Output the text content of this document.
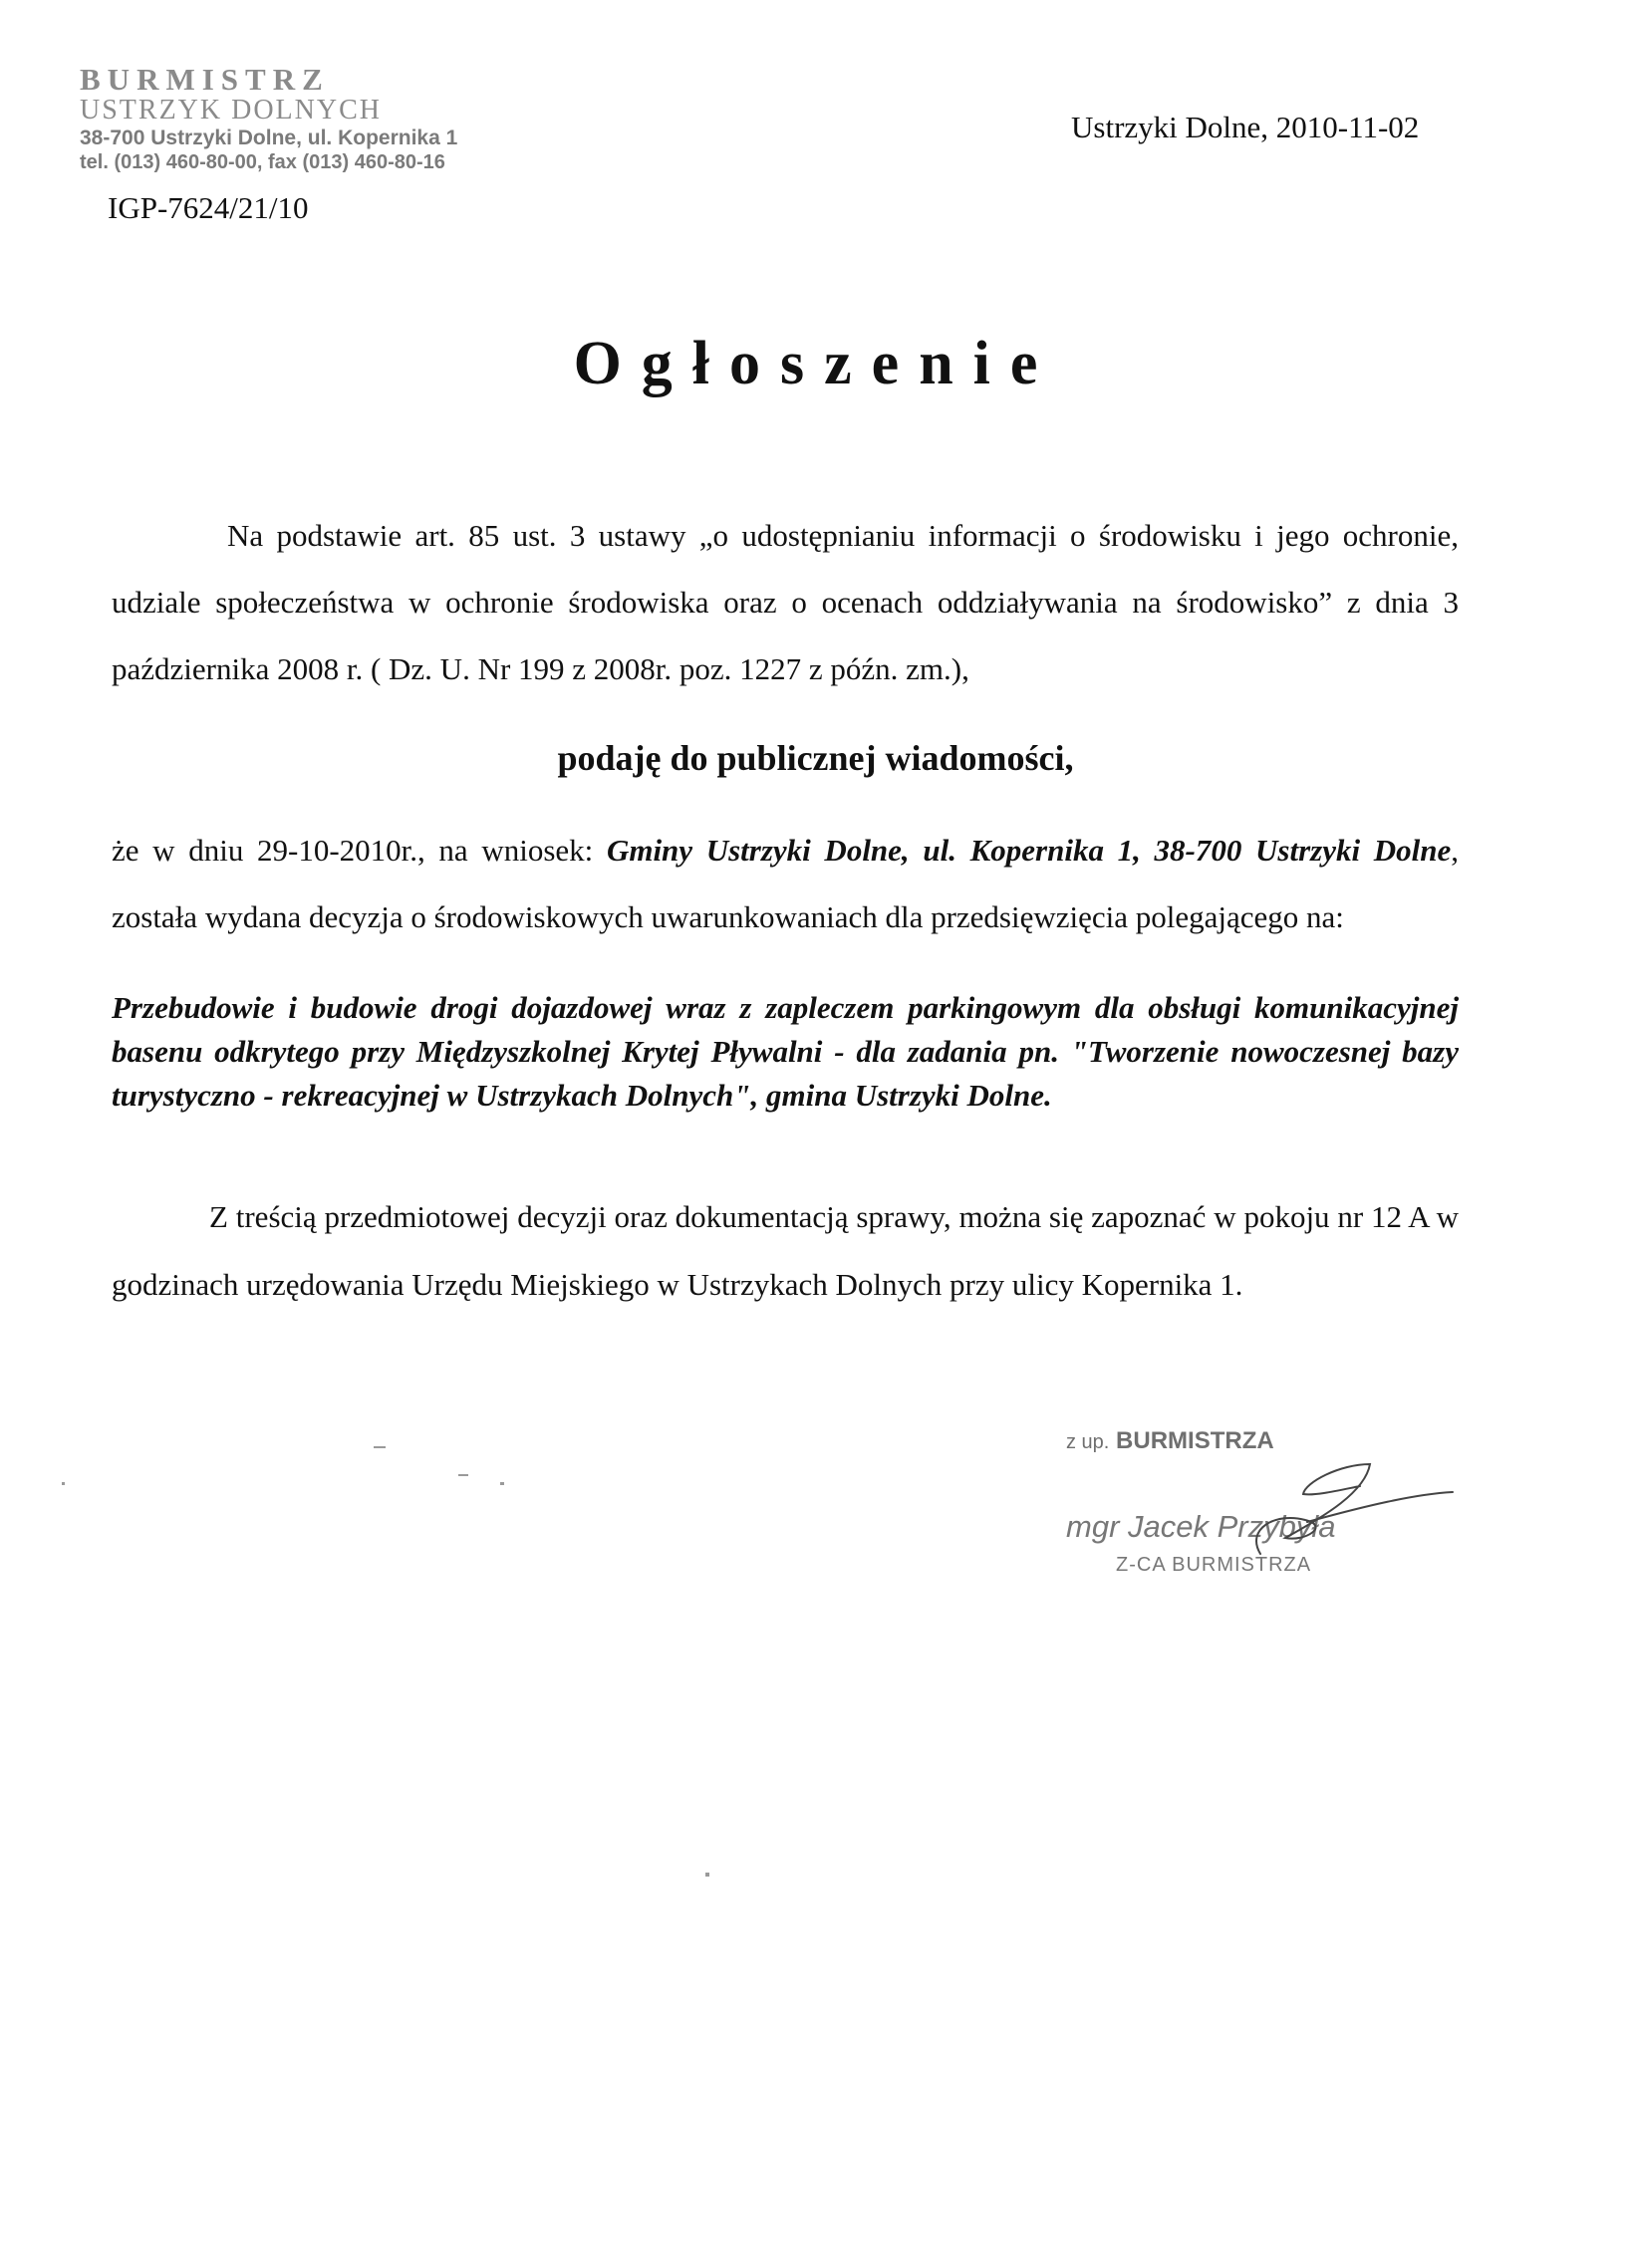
BURMISTRZ
USTRZYK DOLNYCH
38-700 Ustrzyki Dolne, ul. Kopernika 1
tel. (013) 460-80-00, fax (013) 460-80-16
IGP-7624/21/10
Ustrzyki Dolne, 2010-11-02
Ogłoszenie
Na podstawie art. 85 ust. 3 ustawy „o udostępnianiu informacji o środowisku i jego ochronie, udziale społeczeństwa w ochronie środowiska oraz o ocenach oddziaływania na środowisko” z dnia 3 października 2008 r. ( Dz. U. Nr 199 z 2008r. poz. 1227 z późn. zm.),
podaję do publicznej wiadomości,
że w dniu 29-10-2010r., na wniosek: Gminy Ustrzyki Dolne, ul. Kopernika 1, 38-700 Ustrzyki Dolne, została wydana decyzja o środowiskowych uwarunkowaniach dla przedsięwzięcia polegającego na:
Przebudowie i budowie drogi dojazdowej wraz z zapleczem parkingowym dla obsługi komunikacyjnej basenu odkrytego przy Międzyszkolnej Krytej Pływalni - dla zadania pn. "Tworzenie nowoczesnej bazy turystyczno - rekreacyjnej w Ustrzykach Dolnych", gmina Ustrzyki Dolne.
Z treścią przedmiotowej decyzji oraz dokumentacją sprawy, można się zapoznać w pokoju nr 12 A w godzinach urzędowania Urzędu Miejskiego w Ustrzykach Dolnych przy ulicy Kopernika 1.
z up. BURMISTRZA
mgr Jacek Przybyła
Z-CA BURMISTRZA
